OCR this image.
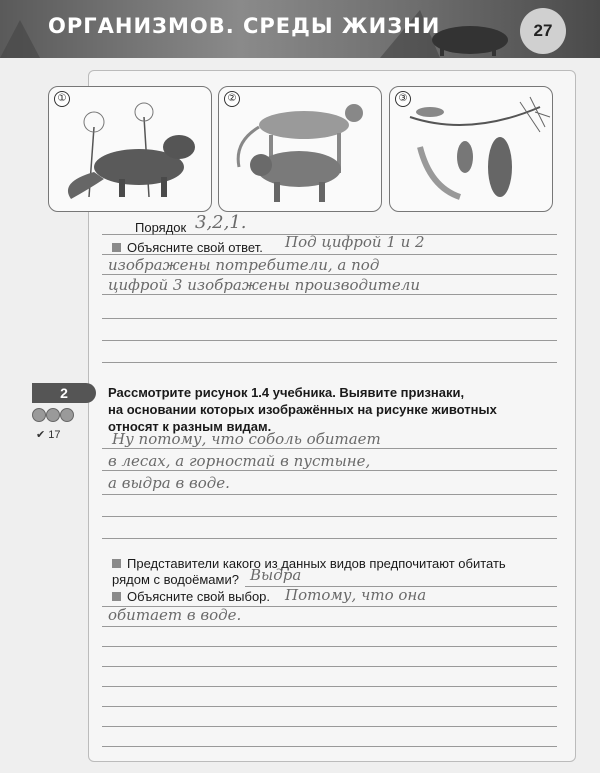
ОРГАНИЗМОВ. СРЕДЫ ЖИЗНИ	27
①	②	③
Порядок 3,2,1.
Объясните свой ответ. Под цифрой 1 и 2
изображены потребители, а под
цифрой 3 изображены производители
2
✔ 17
Рассмотрите рисунок 1.4 учебника. Выявите признаки,
на основании которых изображённых на рисунке животных
относят к разным видам.
Ну потому, что соболь обитает
в лесах, а горностай в пустыне,
а выдра в воде.
Представители какого из данных видов предпочитают обитать
рядом с водоёмами? Выдра
Объясните свой выбор. Потому, что она
обитает в воде.
